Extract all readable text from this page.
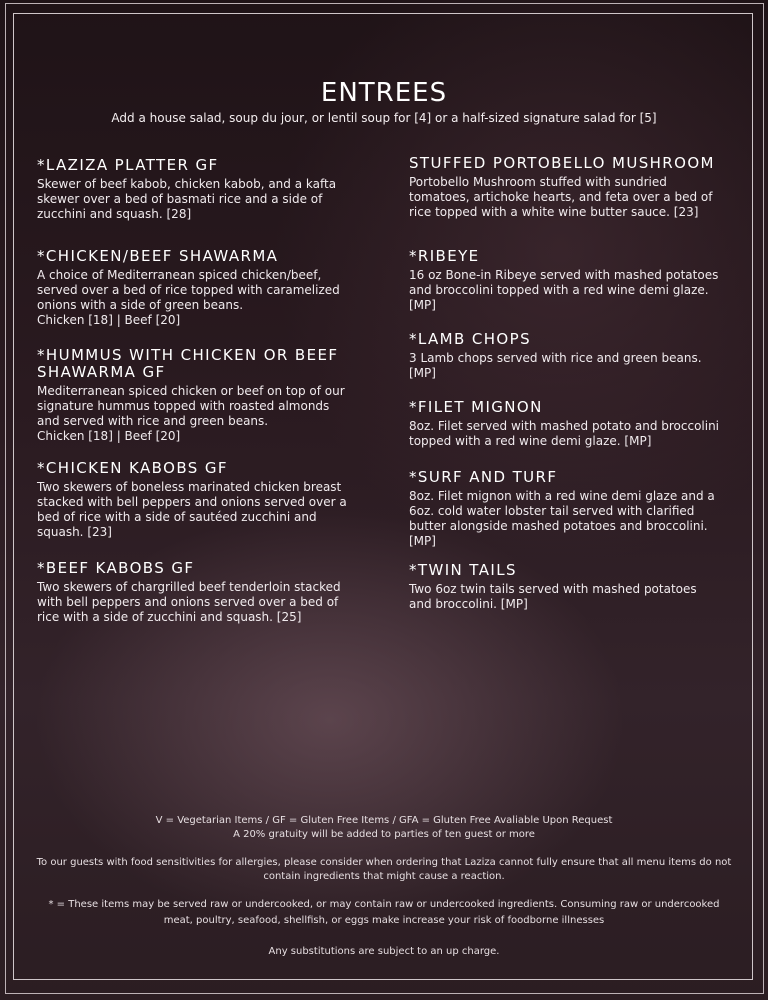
ENTREES
Add a house salad, soup du jour, or lentil soup for [4] or a half-sized signature salad for [5]
*LAZIZA PLATTER GF
Skewer of beef kabob, chicken kabob, and a kafta
skewer over a bed of basmati rice and a side of
zucchini and squash. [28]
*CHICKEN/BEEF SHAWARMA
A choice of Mediterranean spiced chicken/beef,
served over a bed of rice topped with caramelized
onions with a side of green beans.
Chicken [18] | Beef [20]
*HUMMUS WITH CHICKEN OR BEEF
SHAWARMA GF
Mediterranean spiced chicken or beef on top of our
signature hummus topped with roasted almonds
and served with rice and green beans.
Chicken [18] | Beef [20]
*CHICKEN KABOBS GF
Two skewers of boneless marinated chicken breast
stacked with bell peppers and onions served over a
bed of rice with a side of sautéed zucchini and
squash. [23]
*BEEF KABOBS GF
Two skewers of chargrilled beef tenderloin stacked
with bell peppers and onions served over a bed of
rice with a side of zucchini and squash. [25]
STUFFED PORTOBELLO MUSHROOM
Portobello Mushroom stuffed with sundried
tomatoes, artichoke hearts, and feta over a bed of
rice topped with a white wine butter sauce. [23]
*RIBEYE
16 oz Bone-in Ribeye served with mashed potatoes
and broccolini topped with a red wine demi glaze.
[MP]
*LAMB CHOPS
3 Lamb chops served with rice and green beans.
[MP]
*FILET MIGNON
8oz. Filet served with mashed potato and broccolini
topped with a red wine demi glaze. [MP]
*SURF AND TURF
8oz. Filet mignon with a red wine demi glaze and a
6oz. cold water lobster tail served with clarified
butter alongside mashed potatoes and broccolini.
[MP]
*TWIN TAILS
Two 6oz twin tails served with mashed potatoes
and broccolini. [MP]
V = Vegetarian Items / GF = Gluten Free Items / GFA = Gluten Free Avaliable Upon Request
A 20% gratuity will be added to parties of ten guest or more
To our guests with food sensitivities for allergies, please consider when ordering that Laziza cannot fully ensure that all menu items do not
contain ingredients that might cause a reaction.
* = These items may be served raw or undercooked, or may contain raw or undercooked ingredients. Consuming raw or undercooked
meat, poultry, seafood, shellfish, or eggs make increase your risk of foodborne illnesses
Any substitutions are subject to an up charge.
